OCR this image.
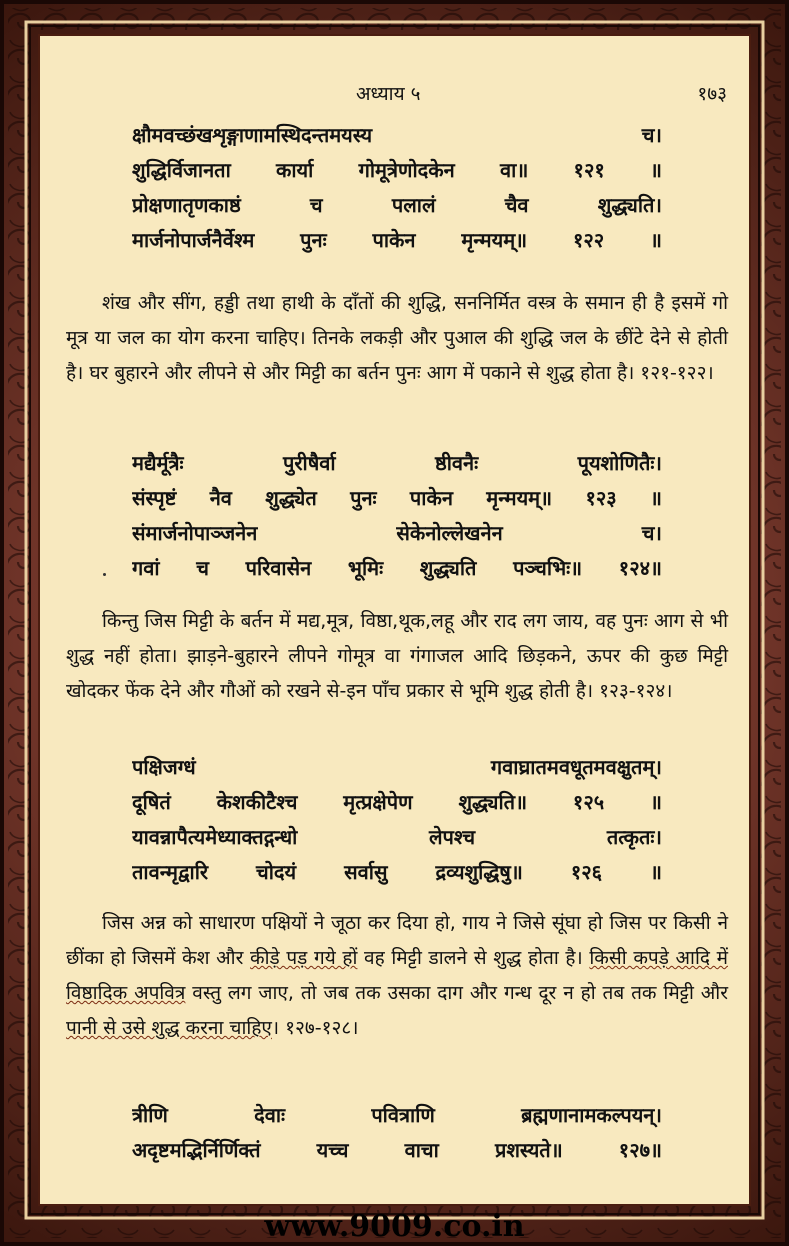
अध्याय ५	१७३
क्षौमवच्छंखशृङ्गाणामस्थिदन्तमयस्य च।
शुद्धिर्विजानता कार्या गोमूत्रेणोदकेन वा॥ १२१ ॥
प्रोक्षणातृणकाष्ठं च पलालं चैव शुद्ध्यति।
मार्जनोपार्जनैर्वेश्म पुनः पाकेन मृन्मयम्॥ १२२ ॥
शंख और सींग, हड्डी तथा हाथी के दाँतों की शुद्धि, सननिर्मित वस्त्र के समान ही है इसमें गो मूत्र या जल का योग करना चाहिए। तिनके लकड़ी और पुआल की शुद्धि जल के छींटे देने से होती है। घर बुहारने और लीपने से और मिट्टी का बर्तन पुनः आग में पकाने से शुद्ध होता है। १२१-१२२।
मद्यैर्मूत्रैः पुरीषैर्वा ष्ठीवनैः पूयशोणितैः।
संस्पृष्टं नैव शुद्ध्येत पुनः पाकेन मृन्मयम्॥ १२३ ॥
संमार्जनोपाञ्जनेन सेकेनोल्लेखनेन च।
गवां च परिवासेन भूमिः शुद्ध्यति पञ्चभिः॥ १२४॥
किन्तु जिस मिट्टी के बर्तन में मद्य,मूत्र, विष्ठा,थूक,लहू और राद लग जाय, वह पुनः आग से भी शुद्ध नहीं होता। झाड़ने-बुहारने लीपने गोमूत्र वा गंगाजल आदि छिड़कने, ऊपर की कुछ मिट्टी खोदकर फेंक देने और गौओं को रखने से-इन पाँच प्रकार से भूमि शुद्ध होती है। १२३-१२४।
पक्षिजग्धं गवाघ्रातमवधूतमवक्षुतम्।
दूषितं केशकीटैश्च मृत्प्रक्षेपेण शुद्ध्यति॥ १२५ ॥
यावन्नापैत्यमेध्याक्तद्गन्धो लेपश्च तत्कृतः।
तावन्मृद्वारि चोदयं सर्वासु द्रव्यशुद्धिषु॥ १२६ ॥
जिस अन्न को साधारण पक्षियों ने जूठा कर दिया हो, गाय ने जिसे सूंघा हो जिस पर किसी ने छींका हो जिसमें केश और कीड़े पड़ गये हों वह मिट्टी डालने से शुद्ध होता है। किसी कपड़े आदि में विष्ठादिक अपवित्र वस्तु लग जाए, तो जब तक उसका दाग और गन्ध दूर न हो तब तक मिट्टी और पानी से उसे शुद्ध करना चाहिए। १२७-१२८।
त्रीणि देवाः पवित्राणि ब्रह्मणानामकल्पयन्।
अदृष्टमद्भिर्निर्णिक्तं यच्च वाचा प्रशस्यते॥ १२७॥
www.9009.co.in
